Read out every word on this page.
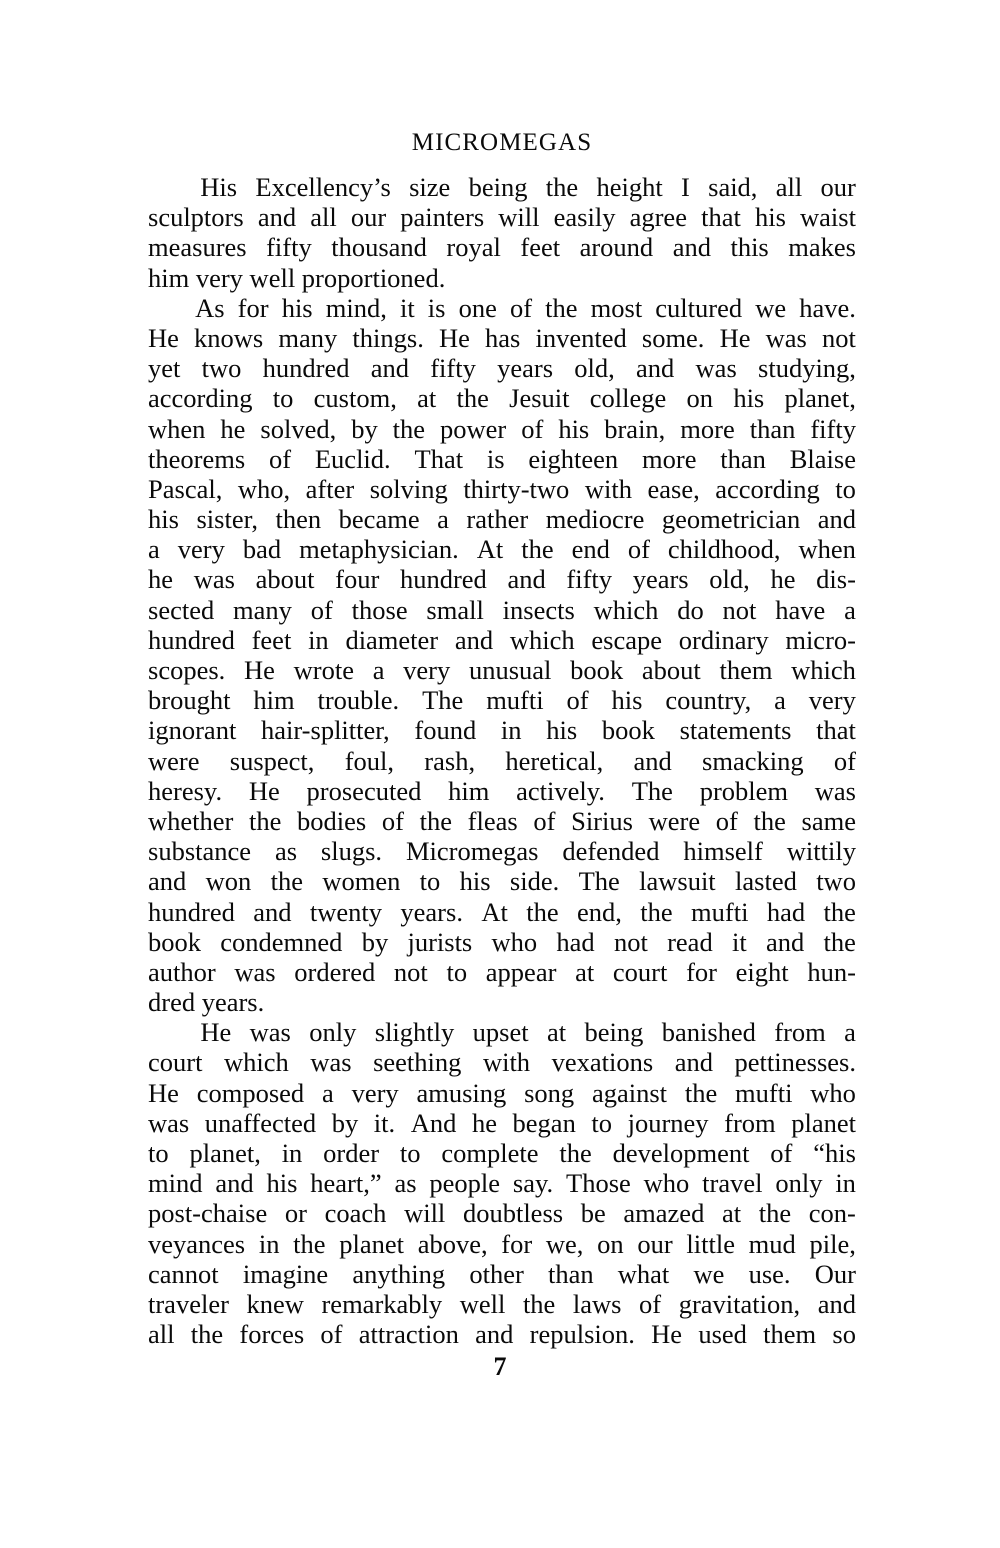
MICROMEGAS

His Excellency’s size being the height I said, all our
sculptors and all our painters will easily agree that his waist
measures fifty thousand royal feet around and this makes
him very well proportioned.

As for his mind, it is one of the most cultured we have.
He knows many things. He has invented some. He was not
yet two hundred and fifty years old, and was studying,
according to custom, at the Jesuit college on his planet,
when he solved, by the power of his brain, more than fifty
theorems of Euclid. That is eighteen more than Blaise
Pascal, who, after solving thirty-two with ease, according to
his sister, then became a rather mediocre geometrician and
a very bad metaphysician. At the end of childhood, when
he was about four hundred and fifty years old, he dis-
sected many of those small insects which do not have a
hundred feet in diameter and which escape ordinary micro-
scopes. He wrote a very unusual book about them which
brought him trouble. The mufti of his country, a very
ignorant hair-splitter, found in his book statements that
were suspect, foul, rash, heretical, and smacking of
heresy. He prosecuted him actively. The problem was
whether the bodies of the fleas of Sirius were of the same
substance as slugs. Micromegas defended himself wittily
and won the women to his side. The lawsuit lasted two
hundred and twenty years. At the end, the mufti had the
book condemned by jurists who had not read it and the
author was ordered not to appear at court for eight hun-
dred years.

He was only slightly upset at being banished from a
court which was seething with vexations and pettinesses.
He composed a very amusing song against the mufti who
was unaffected by it. And he began to journey from planet
to planet, in order to complete the development of “his
mind and his heart,” as people say. Those who travel only in
post-chaise or coach will doubtless be amazed at the con-
veyances in the planet above, for we, on our little mud pile,
cannot imagine anything other than what we use. Our
traveler knew remarkably well the laws of gravitation, and
all the forces of attraction and repulsion. He used them so

7
